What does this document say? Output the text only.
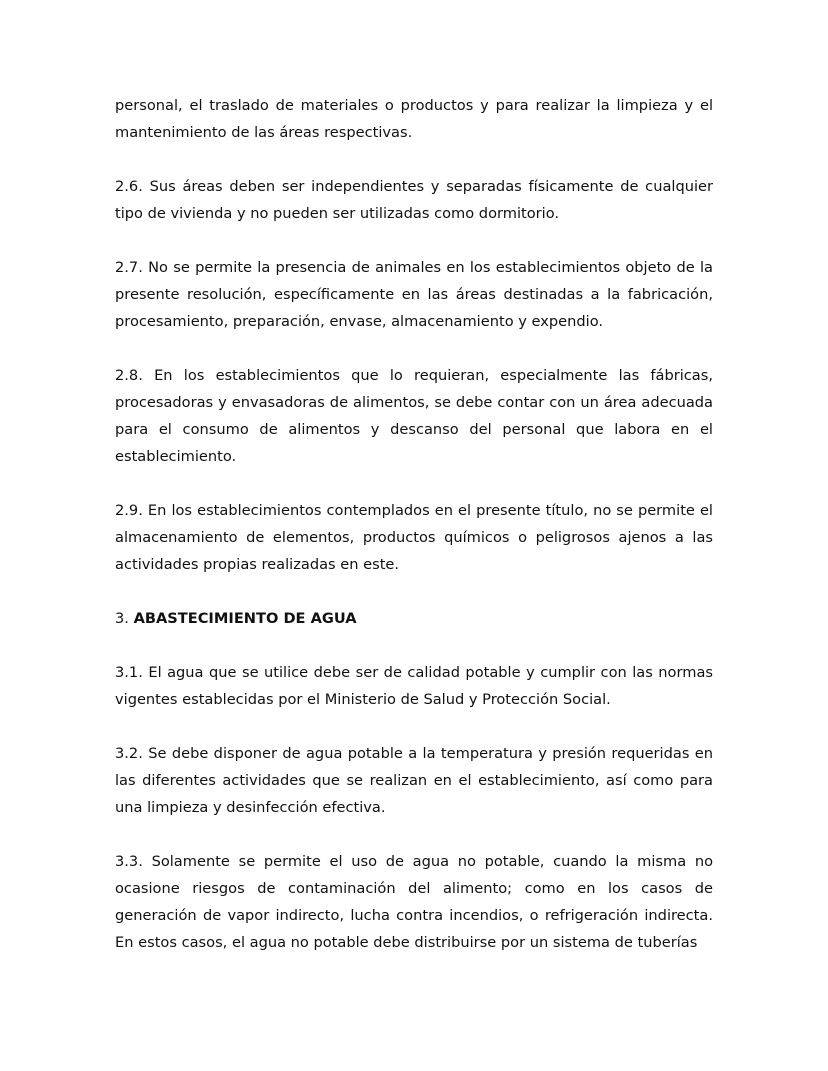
personal, el traslado de materiales o productos y para realizar la limpieza y el mantenimiento de las áreas respectivas.

2.6. Sus áreas deben ser independientes y separadas físicamente de cualquier tipo de vivienda y no pueden ser utilizadas como dormitorio.

2.7. No se permite la presencia de animales en los establecimientos objeto de la presente resolución, específicamente en las áreas destinadas a la fabricación, procesamiento, preparación, envase, almacenamiento y expendio.

2.8. En los establecimientos que lo requieran, especialmente las fábricas, procesadoras y envasadoras de alimentos, se debe contar con un área adecuada para el consumo de alimentos y descanso del personal que labora en el establecimiento.

2.9. En los establecimientos contemplados en el presente título, no se permite el almacenamiento de elementos, productos químicos o peligrosos ajenos a las actividades propias realizadas en este.

3. ABASTECIMIENTO DE AGUA

3.1. El agua que se utilice debe ser de calidad potable y cumplir con las normas vigentes establecidas por el Ministerio de Salud y Protección Social.

3.2. Se debe disponer de agua potable a la temperatura y presión requeridas en las diferentes actividades que se realizan en el establecimiento, así como para una limpieza y desinfección efectiva.

3.3. Solamente se permite el uso de agua no potable, cuando la misma no ocasione riesgos de contaminación del alimento; como en los casos de generación de vapor indirecto, lucha contra incendios, o refrigeración indirecta. En estos casos, el agua no potable debe distribuirse por un sistema de tuberías
